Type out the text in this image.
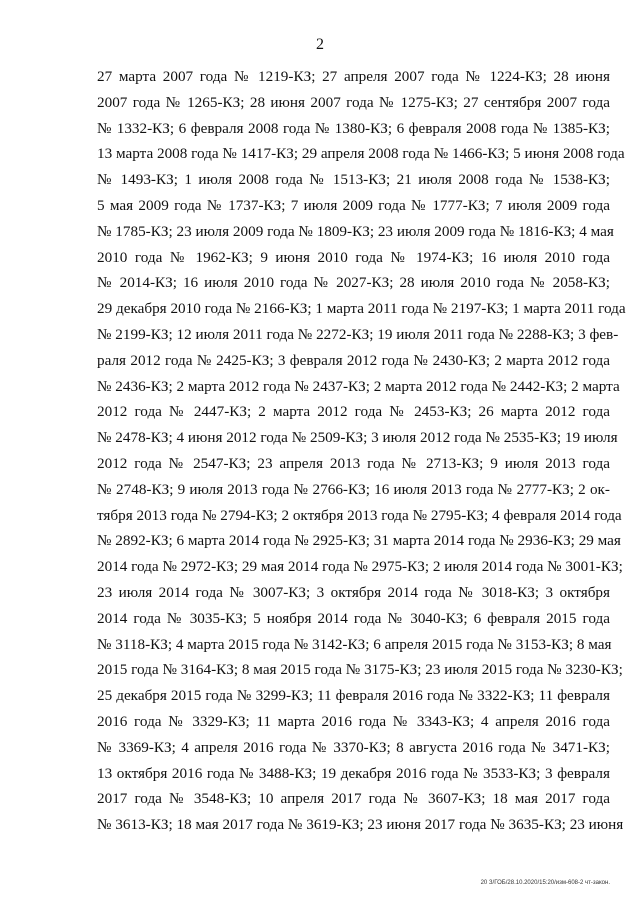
2
27 марта 2007 года № 1219-КЗ; 27 апреля 2007 года № 1224-КЗ; 28 июня
2007 года № 1265-КЗ; 28 июня 2007 года № 1275-КЗ; 27 сентября 2007 года
№ 1332-КЗ; 6 февраля 2008 года № 1380-КЗ; 6 февраля 2008 года № 1385-КЗ;
13 марта 2008 года № 1417-КЗ; 29 апреля 2008 года № 1466-КЗ; 5 июня 2008 года
№ 1493-КЗ; 1 июля 2008 года № 1513-КЗ; 21 июля 2008 года № 1538-КЗ;
5 мая 2009 года № 1737-КЗ; 7 июля 2009 года № 1777-КЗ; 7 июля 2009 года
№ 1785-КЗ; 23 июля 2009 года № 1809-КЗ; 23 июля 2009 года № 1816-КЗ; 4 мая
2010 года № 1962-КЗ; 9 июня 2010 года № 1974-КЗ; 16 июля 2010 года
№ 2014-КЗ; 16 июля 2010 года № 2027-КЗ; 28 июля 2010 года № 2058-КЗ;
29 декабря 2010 года № 2166-КЗ; 1 марта 2011 года № 2197-КЗ; 1 марта 2011 года
№ 2199-КЗ; 12 июля 2011 года № 2272-КЗ; 19 июля 2011 года № 2288-КЗ; 3 фев-
раля 2012 года № 2425-КЗ; 3 февраля 2012 года № 2430-КЗ; 2 марта 2012 года
№ 2436-КЗ; 2 марта 2012 года № 2437-КЗ; 2 марта 2012 года № 2442-КЗ; 2 марта
2012 года № 2447-КЗ; 2 марта 2012 года № 2453-КЗ; 26 марта 2012 года
№ 2478-КЗ; 4 июня 2012 года № 2509-КЗ; 3 июля 2012 года № 2535-КЗ; 19 июля
2012 года № 2547-КЗ; 23 апреля 2013 года № 2713-КЗ; 9 июля 2013 года
№ 2748-КЗ; 9 июля 2013 года № 2766-КЗ; 16 июля 2013 года № 2777-КЗ; 2 ок-
тября 2013 года № 2794-КЗ; 2 октября 2013 года № 2795-КЗ; 4 февраля 2014 года
№ 2892-КЗ; 6 марта 2014 года № 2925-КЗ; 31 марта 2014 года № 2936-КЗ; 29 мая
2014 года № 2972-КЗ; 29 мая 2014 года № 2975-КЗ; 2 июля 2014 года № 3001-КЗ;
23 июля 2014 года № 3007-КЗ; 3 октября 2014 года № 3018-КЗ; 3 октября
2014 года № 3035-КЗ; 5 ноября 2014 года № 3040-КЗ; 6 февраля 2015 года
№ 3118-КЗ; 4 марта 2015 года № 3142-КЗ; 6 апреля 2015 года № 3153-КЗ; 8 мая
2015 года № 3164-КЗ; 8 мая 2015 года № 3175-КЗ; 23 июля 2015 года № 3230-КЗ;
25 декабря 2015 года № 3299-КЗ; 11 февраля 2016 года № 3322-КЗ; 11 февраля
2016 года № 3329-КЗ; 11 марта 2016 года № 3343-КЗ; 4 апреля 2016 года
№ 3369-КЗ; 4 апреля 2016 года № 3370-КЗ; 8 августа 2016 года № 3471-КЗ;
13 октября 2016 года № 3488-КЗ; 19 декабря 2016 года № 3533-КЗ; 3 февраля
2017 года № 3548-КЗ; 10 апреля 2017 года № 3607-КЗ; 18 мая 2017 года
№ 3613-КЗ; 18 мая 2017 года № 3619-КЗ; 23 июня 2017 года № 3635-КЗ; 23 июня
20 З/ГОБ/28.10.2020/15:20/изм-608-2 чт-закон.
